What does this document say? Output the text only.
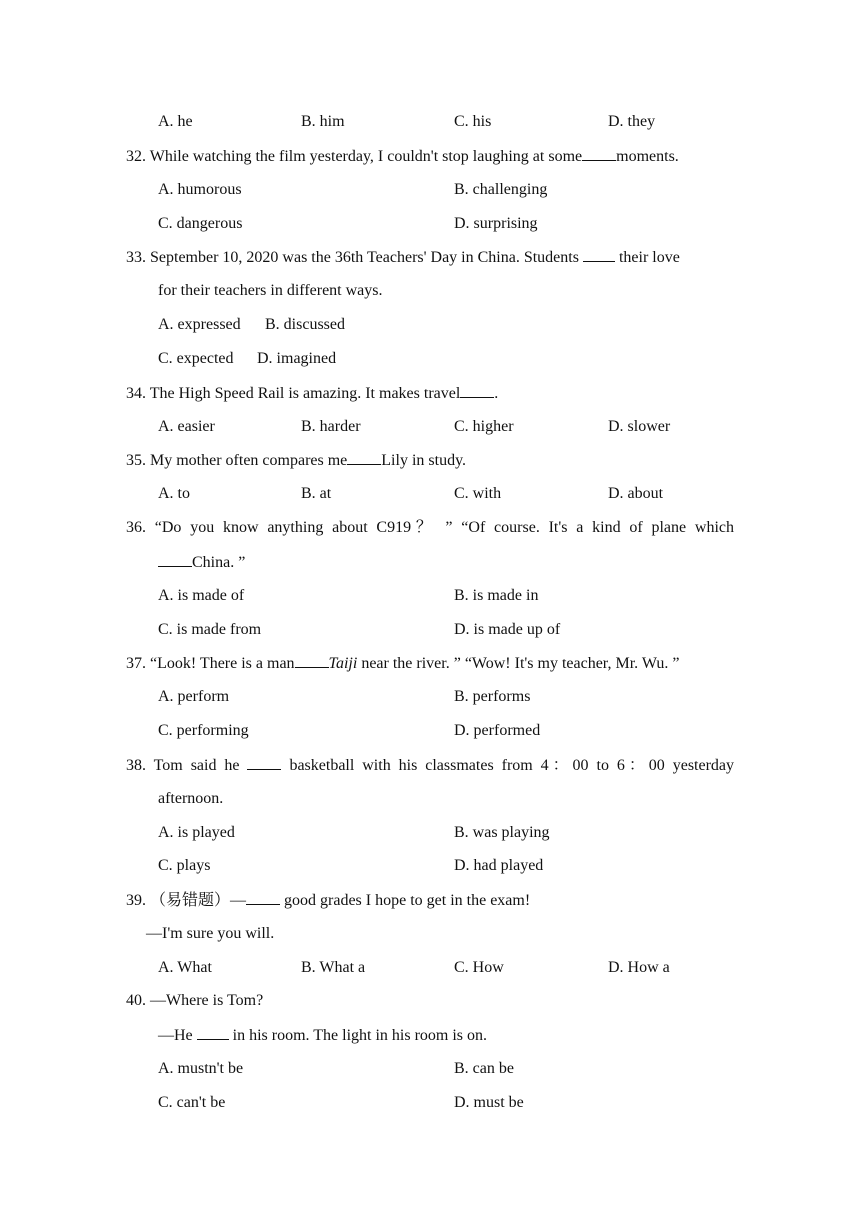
A. he	B. him	C. his	D. they
32. While watching the film yesterday, I couldn't stop laughing at some moments.
A. humorous	B. challenging
C. dangerous	D. surprising
33. September 10, 2020 was the 36th Teachers' Day in China. Students	their love
for their teachers in different ways.
A. expressed B. discussed
C. expected D. imagined
34. The High Speed Rail is amazing. It makes travel .
A. easier	B. harder	C. higher	D. slower
35. My mother often compares me Lily in study.
A. to	B. at	C. with	D. about
36. “Do you know anything about C919？ ” “Of course. It's a kind of plane which
China. ”
A. is made of	B. is made in
C. is made from	D. is made up of
37. “Look! There is a man Taiji near the river. ” “Wow! It's my teacher, Mr. Wu. ”
A. perform	B. performs
C. performing	D. performed
38. Tom said he	basketball with his classmates from 4：00 to 6：00 yesterday
afternoon.
A. is played	B. was playing
C. plays	D. had played
39. （易错题）— good grades I hope to get in the exam!
—I'm sure you will.
A. What	B. What a	C. How	D. How a
40. —Where is Tom?
—He  in his room. The light in his room is on.
A. mustn't be	B. can be
C. can't be	D. must be
